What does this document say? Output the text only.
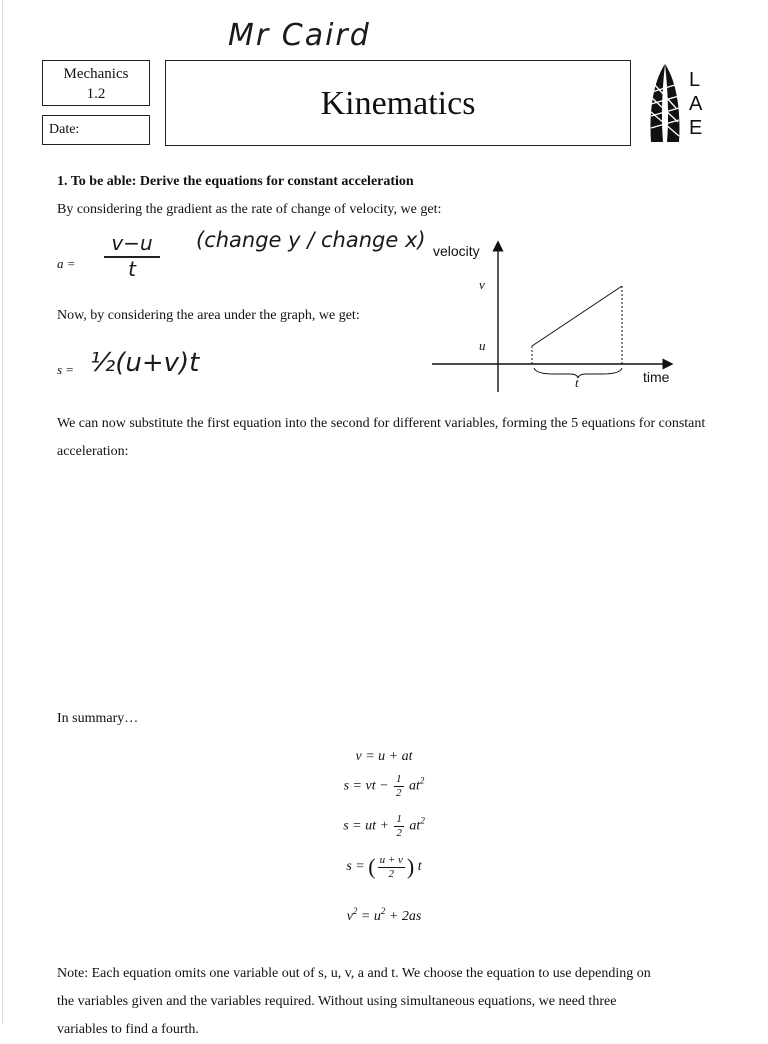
Mr Caird
Mechanics
1.2
Date:
Kinematics
L
A
E
1. To be able: Derive the equations for constant acceleration
By considering the gradient as the rate of change of velocity, we get:
a =
v−u
t
(change y / change x)
Now, by considering the area under the graph, we get:
s = ½(u+v)t
velocity
v
u
t	time
We can now substitute the first equation into the second for different variables, forming the 5 equations for constant acceleration:
In summary…
v = u + at
s = vt − $\frac{1}{2} at^2$
s = ut + $\frac{1}{2} at^2$
s = ( $\frac{u + v}{2}$ ) t
$v^2 = u^2 + 2as$
Note: Each equation omits one variable out of s, u, v, a and t. We choose the equation to use depending on
the variables given and the variables required. Without using simultaneous equations, we need three
variables to find a fourth.
